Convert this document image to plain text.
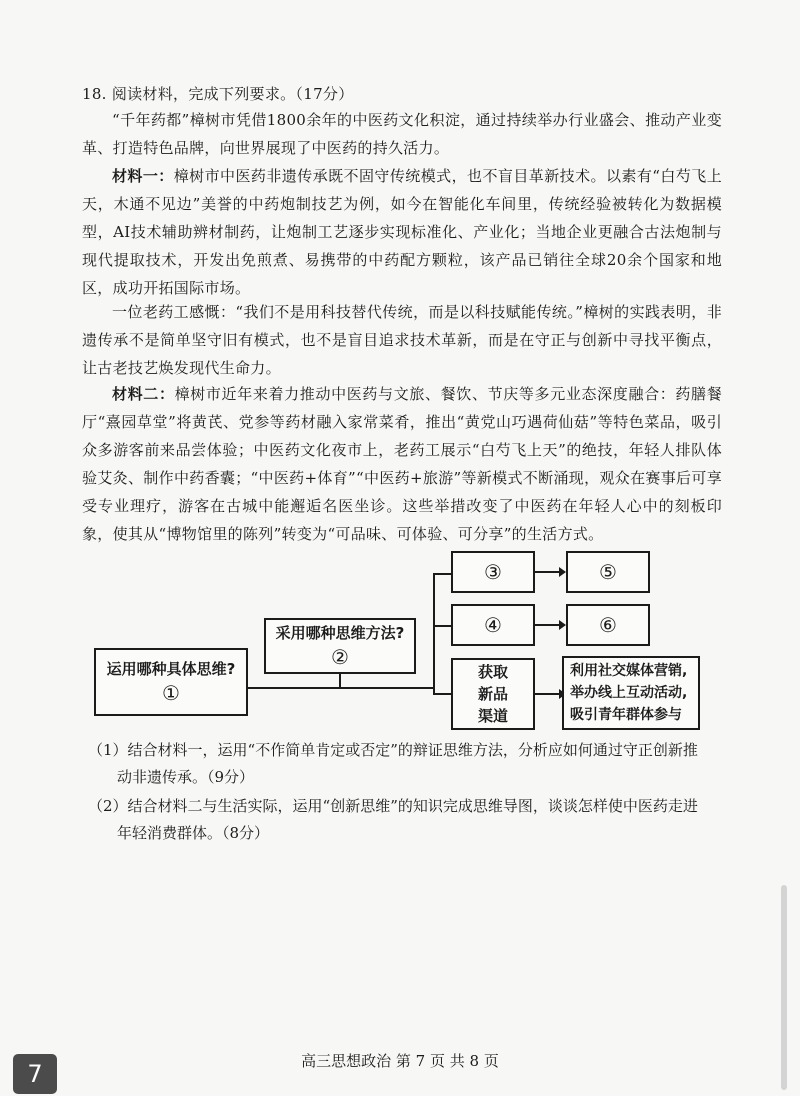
18. 阅读材料，完成下列要求。（17分）
“千年药都”樟树市凭借1800余年的中医药文化积淀，通过持续举办行业盛会、推动产业变革、打造特色品牌，向世界展现了中医药的持久活力。
材料一：樟树市中医药非遗传承既不固守传统模式，也不盲目革新技术。以素有“白芍飞上天，木通不见边”美誉的中药炮制技艺为例，如今在智能化车间里，传统经验被转化为数据模型，AI技术辅助辨材制药，让炮制工艺逐步实现标准化、产业化；当地企业更融合古法炮制与现代提取技术，开发出免煎煮、易携带的中药配方颗粒，该产品已销往全球20余个国家和地区，成功开拓国际市场。
一位老药工感慨：“我们不是用科技替代传统，而是以科技赋能传统。”樟树的实践表明，非遗传承不是简单坚守旧有模式，也不是盲目追求技术革新，而是在守正与创新中寻找平衡点，让古老技艺焕发现代生命力。
材料二：樟树市近年来着力推动中医药与文旅、餐饮、节庆等多元业态深度融合：药膳餐厅“熹园草堂”将黄芪、党参等药材融入家常菜肴，推出“黄党山巧遇荷仙菇”等特色菜品，吸引众多游客前来品尝体验；中医药文化夜市上，老药工展示“白芍飞上天”的绝技，年轻人排队体验艾灸、制作中药香囊；“中医药+体育”“中医药+旅游”等新模式不断涌现，观众在赛事后可享受专业理疗，游客在古城中能邂逅名医坐诊。这些举措改变了中医药在年轻人心中的刻板印象，使其从“博物馆里的陈列”转变为“可品味、可体验、可分享”的生活方式。
运用哪种具体思维?
①
采用哪种思维方法?
②
③
④
获取
新品
渠道
⑤
⑥
利用社交媒体营销,
举办线上互动活动,
吸引青年群体参与
（1）结合材料一，运用“不作简单肯定或否定”的辩证思维方法，分析应如何通过守正创新推
动非遗传承。（9分）
（2）结合材料二与生活实际，运用“创新思维”的知识完成思维导图，谈谈怎样使中医药走进
年轻消费群体。（8分）
高三思想政治 第 7 页 共 8 页
7
